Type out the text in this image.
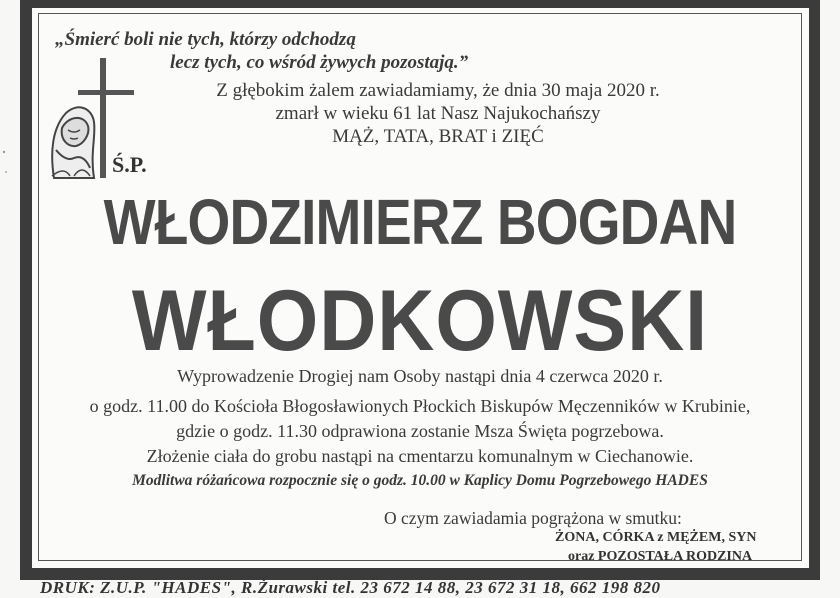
„Śmierć boli nie tych, którzy odchodzą
lecz tych, co wśród żywych pozostają.”
Z głębokim żalem zawiadamiamy, że dnia 30 maja 2020 r.
zmarł w wieku 61 lat Nasz Najukochańszy
MĄŻ, TATA, BRAT i ZIĘĆ
Ś.P.
WŁODZIMIERZ BOGDAN
WŁODKOWSKI
Wyprowadzenie Drogiej nam Osoby nastąpi dnia 4 czerwca 2020 r.
o godz. 11.00 do Kościoła Błogosławionych Płockich Biskupów Męczenników w Krubinie,
gdzie o godz. 11.30 odprawiona zostanie Msza Święta pogrzebowa.
Złożenie ciała do grobu nastąpi na cmentarzu komunalnym w Ciechanowie.
Modlitwa różańcowa rozpocznie się o godz. 10.00 w Kaplicy Domu Pogrzebowego HADES
O czym zawiadamia pogrążona w smutku:
ŻONA, CÓRKA z MĘŻEM, SYN
oraz POZOSTAŁA RODZINA
DRUK: Z.U.P. "HADES", R.Żurawski tel. 23 672 14 88, 23 672 31 18, 662 198 820
